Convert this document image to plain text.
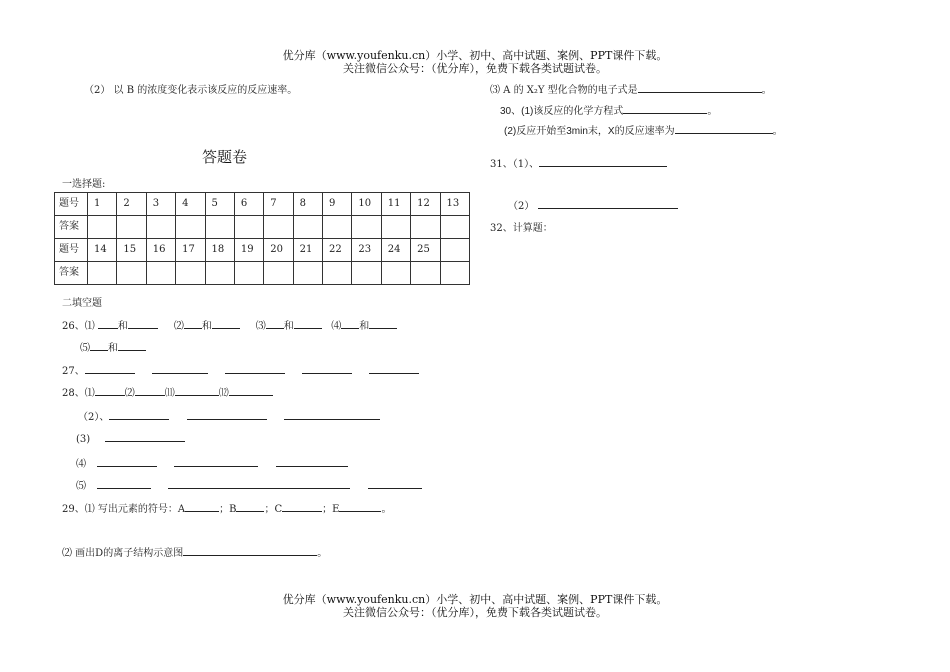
优分库（www.youfenku.cn）小学、初中、高中试题、案例、PPT课件下载。
关注微信公众号：（优分库），免费下载各类试题试卷。
（2） 以 B 的浓度变化表示该反应的反应速率。
答题卷
一选择题:
题号	1	2	3	4	5	6	7	8	9	10	11	12	13
答案													
题号	14	15	16	17	18	19	20	21	22	23	24	25	
答案													
二填空题
26、⑴ 和	⑵ 和	⑶ 和	⑷ 和
⑸ 和
27、
28、⑴	⑵	⑾	⑿
（2）、
(3)
⑷
⑸
29、⑴ 写出元素的符号：A	；B	；C	；E	。
⑵ 画出D的离子结构示意图	。
⑶ A 的 X₂Y 型化合物的电子式是	。
30、(1)该反应的化学方程式	。
(2)反应开始至3min末，X的反应速率为	。
31、（1）、
（2）
32、计算题：
优分库（www.youfenku.cn）小学、初中、高中试题、案例、PPT课件下载。
关注微信公众号：（优分库），免费下载各类试题试卷。
